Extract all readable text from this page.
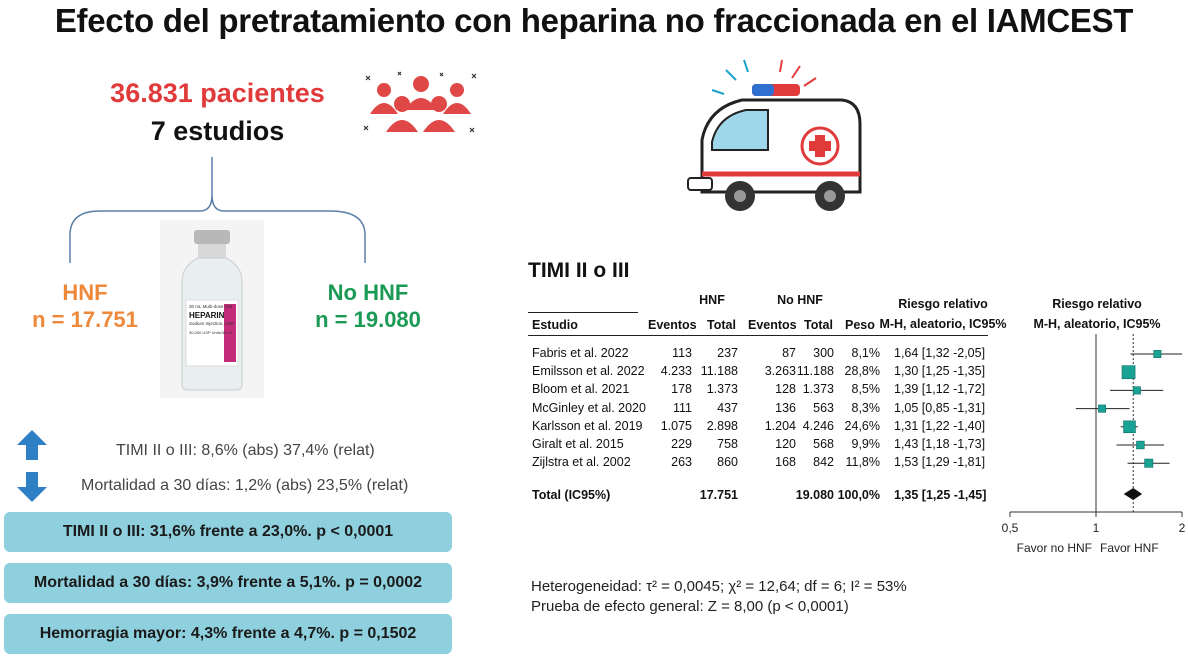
Efecto del pretratamiento con heparina no fraccionada en el IAMCEST
36.831 pacientes
7 estudios
HNF
n = 17.751
No HNF
n = 19.080
30 mL Multi-dose Vial
HEPARIN
Sodium Injection, USP
30,000 USP Units/30 mL
TIMI II o III: 8,6% (abs) 37,4% (relat)
Mortalidad a 30 días: 1,2% (abs) 23,5% (relat)
TIMI II o III: 31,6% frente a 23,0%. p < 0,0001
Mortalidad a 30 días: 3,9% frente a 5,1%. p = 0,0002
Hemorragia mayor: 4,3% frente a 4,7%. p = 0,1502
TIMI II o III
HNF	No HNF	Riesgo relativo
M-H, aleatorio, IC95%
Riesgo relativo
M-H, aleatorio, IC95%
Estudio	Eventos Total Eventos Total Peso
Fabris et al. 2022	113	237	87	300	8,1% 1,64 [1,32 -2,05]
Emilsson et al. 2022	4.233 11.188	3.263 11.188 28,8% 1,30 [1,25 -1,35]
Bloom et al. 2021	178	1.373	128 1.373	8,5% 1,39 [1,12 -1,72]
McGinley et al. 2020	111	437	136	563	8,3% 1,05 [0,85 -1,31]
Karlsson et al. 2019	1.075	2.898	1.204 4.246 24,6% 1,31 [1,22 -1,40]
Giralt et al. 2015	229	758	120	568	9,9% 1,43 [1,18 -1,73]
Zijlstra et al. 2002	263	860	168	842 11,8% 1,53 [1,29 -1,81]
Total (IC95%)	17.751	19.080 100,0% 1,35 [1,25 -1,45]
0,5	1	2
Favor no HNF Favor HNF
Heterogeneidad: τ² = 0,0045; χ² = 12,64; df = 6; I² = 53%
Prueba de efecto general: Z = 8,00 (p < 0,0001)
